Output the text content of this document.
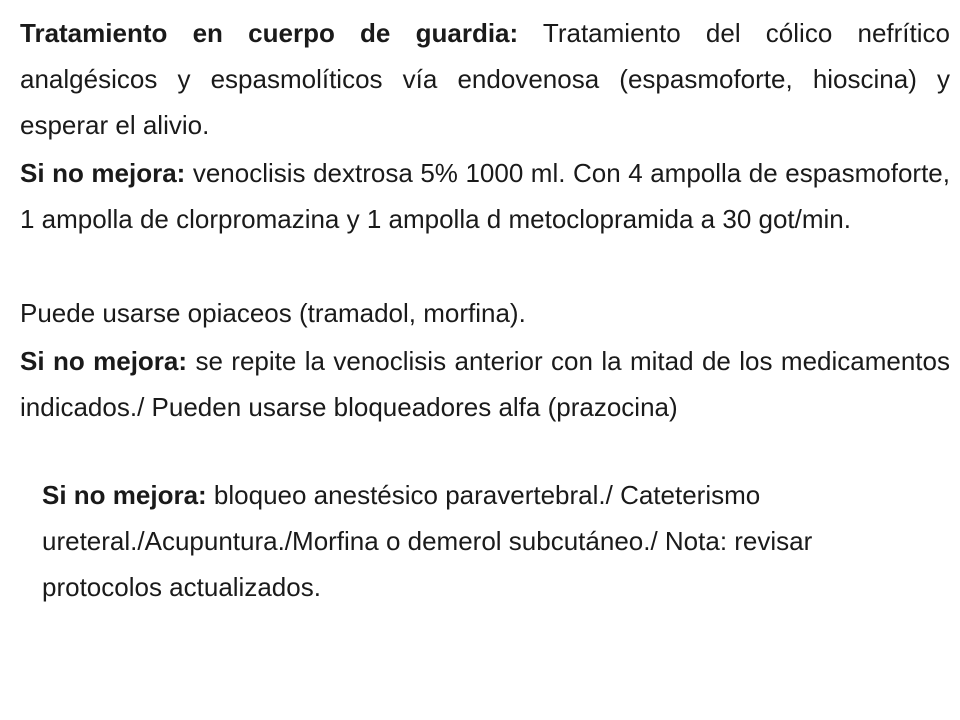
Tratamiento en cuerpo de guardia: Tratamiento del cólico nefrítico analgésicos y espasmolíticos vía endovenosa (espasmoforte, hioscina) y esperar el alivio.

Si no mejora: venoclisis dextrosa 5% 1000 ml. Con 4 ampolla de espasmoforte, 1 ampolla de clorpromazina y 1 ampolla d metoclopramida a 30 got/min.

Puede usarse opiaceos (tramadol, morfina).

Si no mejora: se repite la venoclisis anterior con la mitad de los medicamentos indicados./ Pueden usarse bloqueadores alfa (prazocina)

Si no mejora: bloqueo anestésico paravertebral./ Cateterismo ureteral./Acupuntura./Morfina o demerol subcutáneo./ Nota: revisar protocolos actualizados.
